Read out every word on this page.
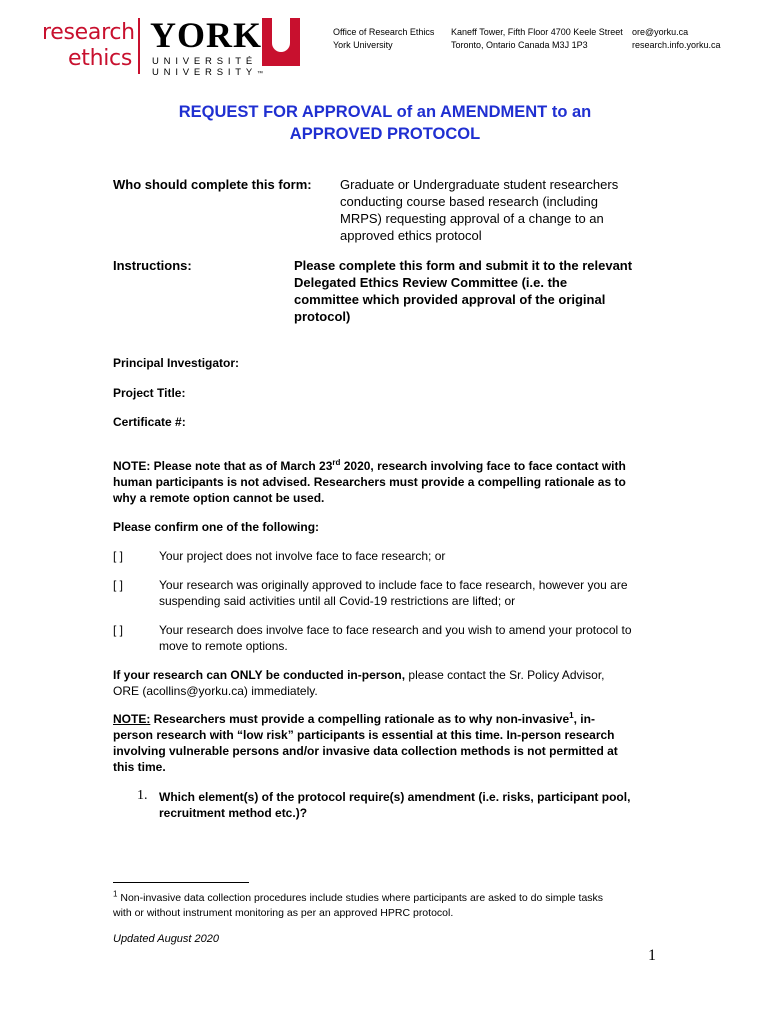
research
ethics
YORK
UNIVERSITÉ
UNIVERSITY™
Office of Research Ethics
York University
Kaneff Tower, Fifth Floor 4700 Keele Street
Toronto, Ontario Canada M3J 1P3
ore@yorku.ca
research.info.yorku.ca
REQUEST FOR APPROVAL of an AMENDMENT to an
APPROVED PROTOCOL
Who should complete this form: Graduate or Undergraduate student researchers
conducting course based research (including
MRPS) requesting approval of a change to an
approved ethics protocol
Instructions:	Please complete this form and submit it to the relevant
Delegated Ethics Review Committee (i.e. the
committee which provided approval of the original
protocol)
Principal Investigator:
Project Title:
Certificate #:
NOTE: Please note that as of March 23rd 2020, research involving face to face contact with
human participants is not advised. Researchers must provide a compelling rationale as to
why a remote option cannot be used.
Please confirm one of the following:
[ ]	Your project does not involve face to face research; or
[ ]	Your research was originally approved to include face to face research, however you are
suspending said activities until all Covid-19 restrictions are lifted; or
[ ]	Your research does involve face to face research and you wish to amend your protocol to
move to remote options.
If your research can ONLY be conducted in-person, please contact the Sr. Policy Advisor,
ORE (acollins@yorku.ca) immediately.
NOTE: Researchers must provide a compelling rationale as to why non-invasive$^1$, in-
person research with “low risk” participants is essential at this time. In-person research
involving vulnerable persons and/or invasive data collection methods is not permitted at
this time.
1. Which element(s) of the protocol require(s) amendment (i.e. risks, participant pool,
recruitment method etc.)?
$^1$ Non-invasive data collection procedures include studies where participants are asked to do simple tasks
with or without instrument monitoring as per an approved HPRC protocol.
Updated August 2020
1
